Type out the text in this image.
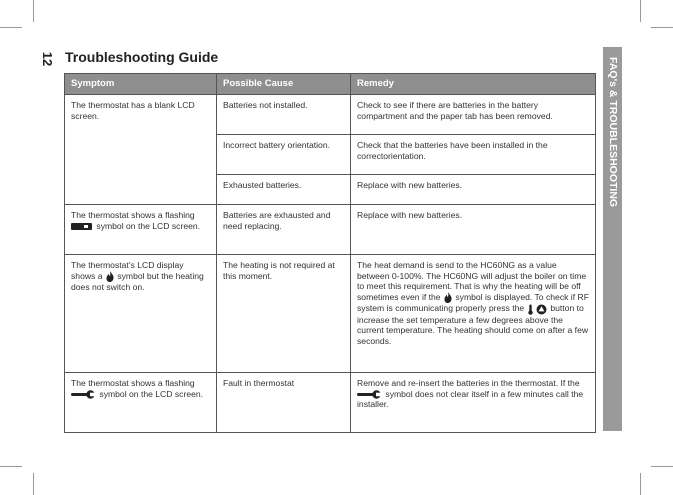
12 Troubleshooting Guide	FAQ's & TROUBLESHOOTING
Symptom	Possible Cause	Remedy
The thermostat has a blank LCD screen.	Batteries not installed.	Check to see if there are batteries in the battery compartment and the paper tab has been removed.
	Incorrect battery orientation.	Check that the batteries have been installed in the correctorientation.
	Exhausted batteries.	Replace with new batteries.
The thermostat shows a flashing  symbol on the LCD screen.	Batteries are exhausted and need replacing.	Replace with new batteries.
The thermostat’s LCD display shows a symbol but the heating does not switch on.	The heating is not required at this moment.	The heat demand is send to the HC60NG as a value between 0-100%. The HC60NG will adjust the boiler on time to meet this requirement. That is why the heating will be off sometimes even if the symbol is displayed. To check if RF system is communicating properly press the button to increase the set temperature a few degrees above the current temperature. The heating should come on after a few seconds.
The thermostat shows a flashing  symbol on the LCD screen.	Fault in thermostat	Remove and re-insert the batteries in the thermostat. If the  symbol does not clear itself in a few minutes call the installer.
